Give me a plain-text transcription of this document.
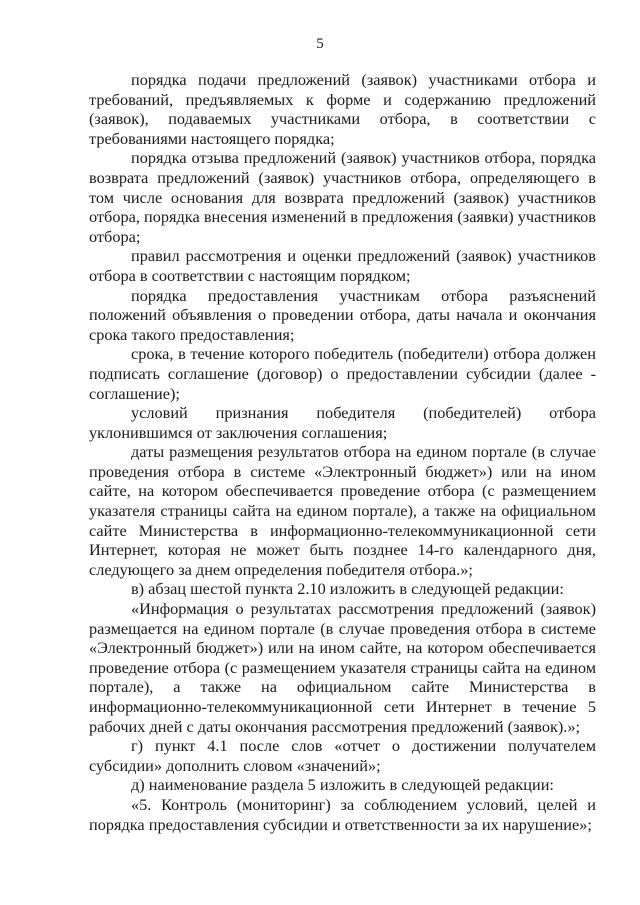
5

порядка подачи предложений (заявок) участниками отбора и требований, предъявляемых к форме и содержанию предложений (заявок), подаваемых участниками отбора, в соответствии с требованиями настоящего порядка;

порядка отзыва предложений (заявок) участников отбора, порядка возврата предложений (заявок) участников отбора, определяющего в том числе основания для возврата предложений (заявок) участников отбора, порядка внесения изменений в предложения (заявки) участников отбора;

правил рассмотрения и оценки предложений (заявок) участников отбора в соответствии с настоящим порядком;

порядка предоставления участникам отбора разъяснений положений объявления о проведении отбора, даты начала и окончания срока такого предоставления;

срока, в течение которого победитель (победители) отбора должен подписать соглашение (договор) о предоставлении субсидии (далее - соглашение);

условий признания победителя (победителей) отбора уклонившимся от заключения соглашения;

даты размещения результатов отбора на едином портале (в случае проведения отбора в системе «Электронный бюджет») или на ином сайте, на котором обеспечивается проведение отбора (с размещением указателя страницы сайта на едином портале), а также на официальном сайте Министерства в информационно-телекоммуникационной сети Интернет, которая не может быть позднее 14-го календарного дня, следующего за днем определения победителя отбора.»;

в) абзац шестой пункта 2.10 изложить в следующей редакции:

«Информация о результатах рассмотрения предложений (заявок) размещается на едином портале (в случае проведения отбора в системе «Электронный бюджет») или на ином сайте, на котором обеспечивается проведение отбора (с размещением указателя страницы сайта на едином портале), а также на официальном сайте Министерства в информационно-телекоммуникационной сети Интернет в течение 5 рабочих дней с даты окончания рассмотрения предложений (заявок).»;

г) пункт 4.1 после слов «отчет о достижении получателем субсидии» дополнить словом «значений»;

д) наименование раздела 5 изложить в следующей редакции:

«5. Контроль (мониторинг) за соблюдением условий, целей и порядка предоставления субсидии и ответственности за их нарушение»;
